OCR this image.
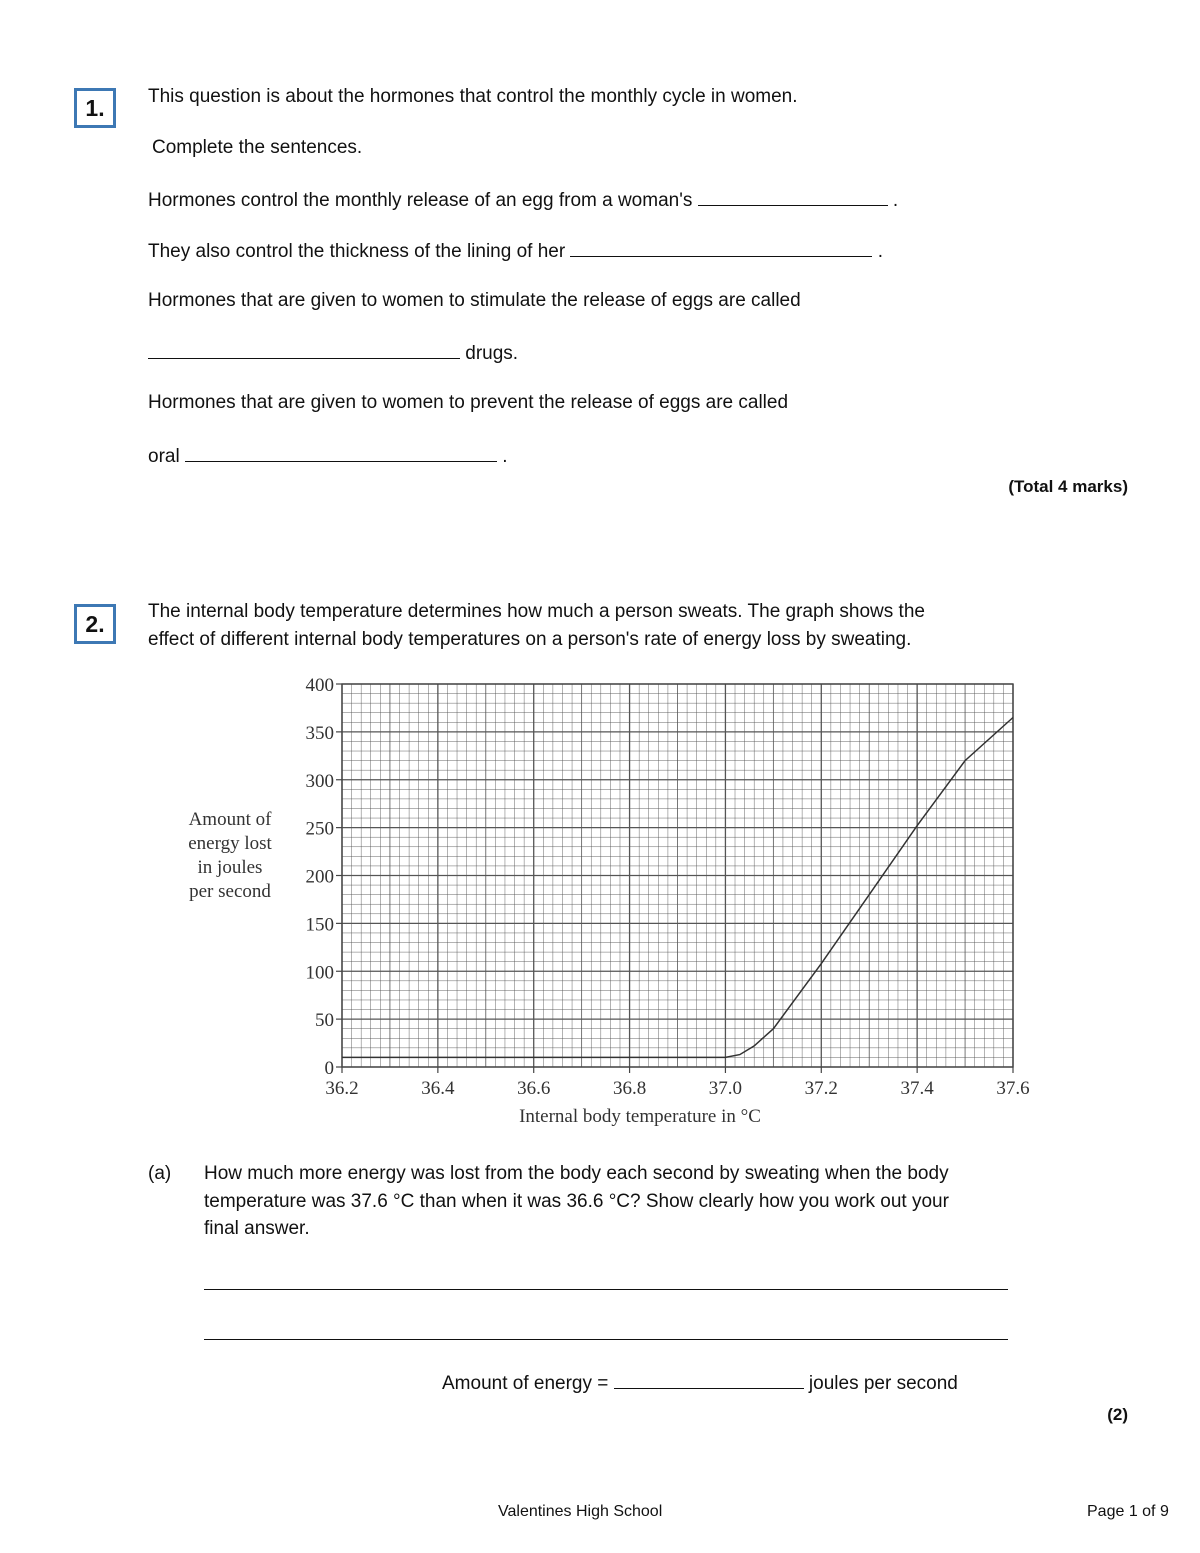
1.	This question is about the hormones that control the monthly cycle in women.
Complete the sentences.
Hormones control the monthly release of an egg from a woman's	.
They also control the thickness of the lining of her	.
Hormones that are given to women to stimulate the release of eggs are called
drugs.
Hormones that are given to women to prevent the release of eggs are called
oral	.
(Total 4 marks)
2.	The internal body temperature determines how much a person sweats. The graph shows the
effect of different internal body temperatures on a person's rate of energy loss by sweating.
36.2	36.4	36.6	36.8	37.0	37.2	37.4	37.6
0
50
100
150
200
250
300
350
400
Amount of
energy lost
in joules
per second
Internal body temperature in °C
(a) How much more energy was lost from the body each second by sweating when the body
temperature was 37.6 °C than when it was 36.6 °C? Show clearly how you work out your
final answer.
Amount of energy =	joules per second
(2)
Valentines High School	Page 1 of 9
